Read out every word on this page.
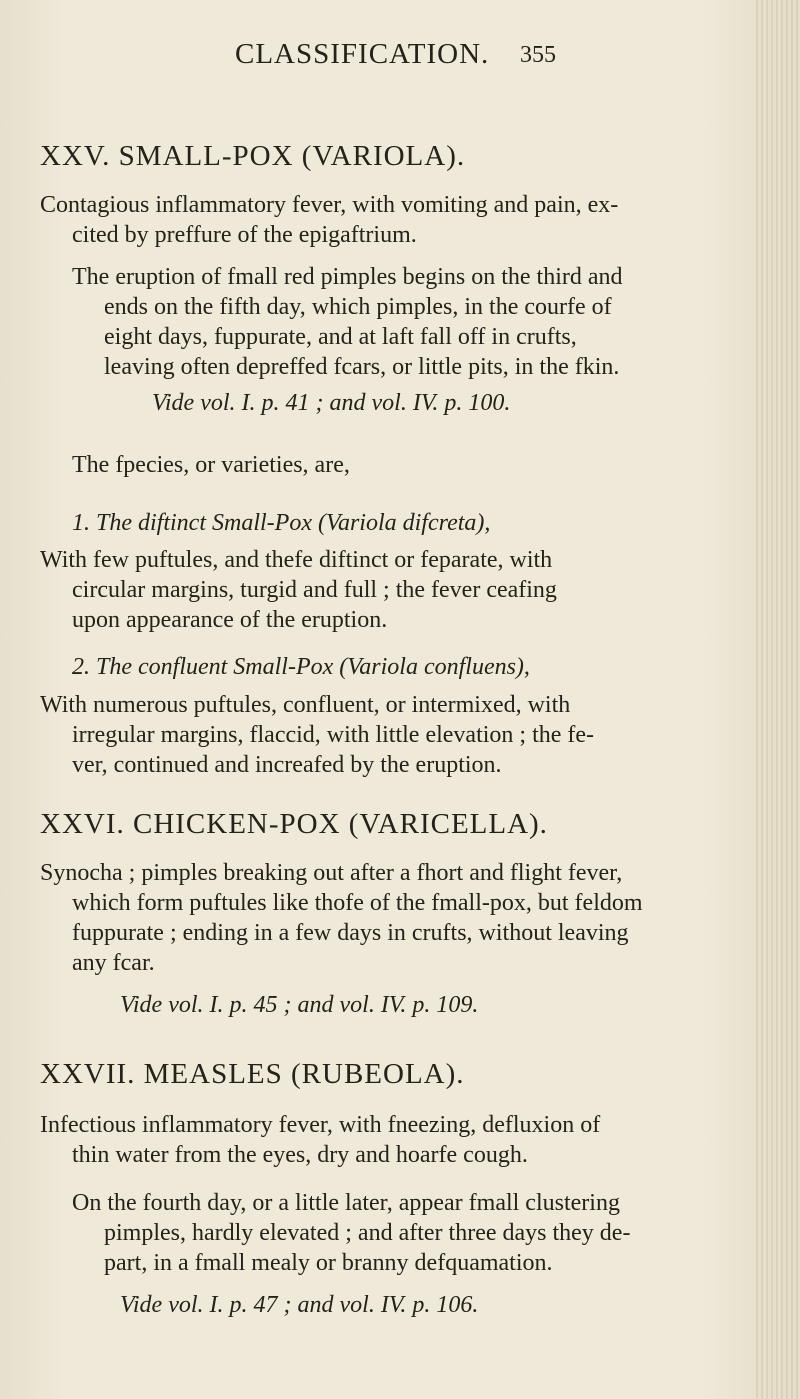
CLASSIFICATION. 355
XXV. SMALL-POX (VARIOLA).
Contagious inflammatory fever, with vomiting and pain, ex-
cited by preffure of the epigaftrium.
The eruption of fmall red pimples begins on the third and
ends on the fifth day, which pimples, in the courfe of
eight days, fuppurate, and at laft fall off in crufts,
leaving often depreffed fcars, or little pits, in the fkin.
Vide vol. I. p. 41 ; and vol. IV. p. 100.
The fpecies, or varieties, are,
1. The diftinct Small-Pox (Variola difcreta),
With few puftules, and thefe diftinct or feparate, with
circular margins, turgid and full ; the fever ceafing
upon appearance of the eruption.
2. The confluent Small-Pox (Variola confluens),
With numerous puftules, confluent, or intermixed, with
irregular margins, flaccid, with little elevation ; the fe-
ver, continued and increafed by the eruption.
XXVI. CHICKEN-POX (VARICELLA).
Synocha ; pimples breaking out after a fhort and flight fever,
which form puftules like thofe of the fmall-pox, but feldom
fuppurate ; ending in a few days in crufts, without leaving
any fcar.
Vide vol. I. p. 45 ; and vol. IV. p. 109.
XXVII. MEASLES (RUBEOLA).
Infectious inflammatory fever, with fneezing, defluxion of
thin water from the eyes, dry and hoarfe cough.
On the fourth day, or a little later, appear fmall clustering
pimples, hardly elevated ; and after three days they de-
part, in a fmall mealy or branny defquamation.
Vide vol. I. p. 47 ; and vol. IV. p. 106.
